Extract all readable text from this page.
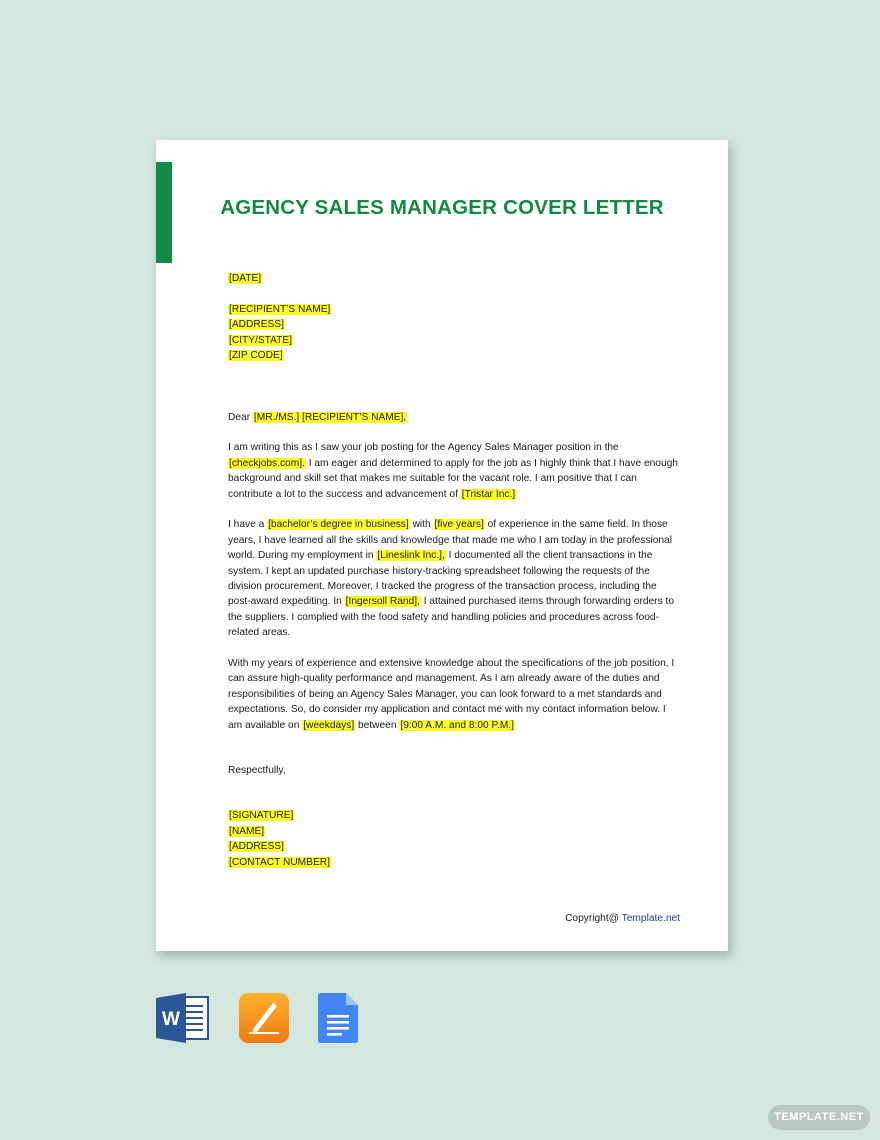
AGENCY SALES MANAGER COVER LETTER

[DATE]

[RECIPIENT’S NAME]

[ADDRESS]

[CITY/STATE]

[ZIP CODE]

Dear [MR./MS.] [RECIPIENT’S NAME],

I am writing this as I saw your job posting for the Agency Sales Manager position in the [checkjobs.com]. I am eager and determined to apply for the job as I highly think that I have enough background and skill set that makes me suitable for the vacant role. I am positive that I can contribute a lot to the success and advancement of [Tristar Inc.]

I have a [bachelor’s degree in business] with [five years] of experience in the same field. In those years, I have learned all the skills and knowledge that made me who I am today in the professional world. During my employment in [Lineslink Inc.], I documented all the client transactions in the system. I kept an updated purchase history-tracking spreadsheet following the requests of the division procurement. Moreover, I tracked the progress of the transaction process, including the post-award expediting. In [Ingersoll Rand], I attained purchased items through forwarding orders to the suppliers. I complied with the food safety and handling policies and procedures across food-related areas.

With my years of experience and extensive knowledge about the specifications of the job position, I can assure high-quality performance and management. As I am already aware of the duties and responsibilities of being an Agency Sales Manager, you can look forward to a met standards and expectations. So, do consider my application and contact me with my contact information below. I am available on [weekdays] between [9:00 A.M. and 8:00 P.M.]

Respectfully,

[SIGNATURE]

[NAME]

[ADDRESS]

[CONTACT NUMBER]

Copyright@ Template.net
W
TEMPLATE.NET
